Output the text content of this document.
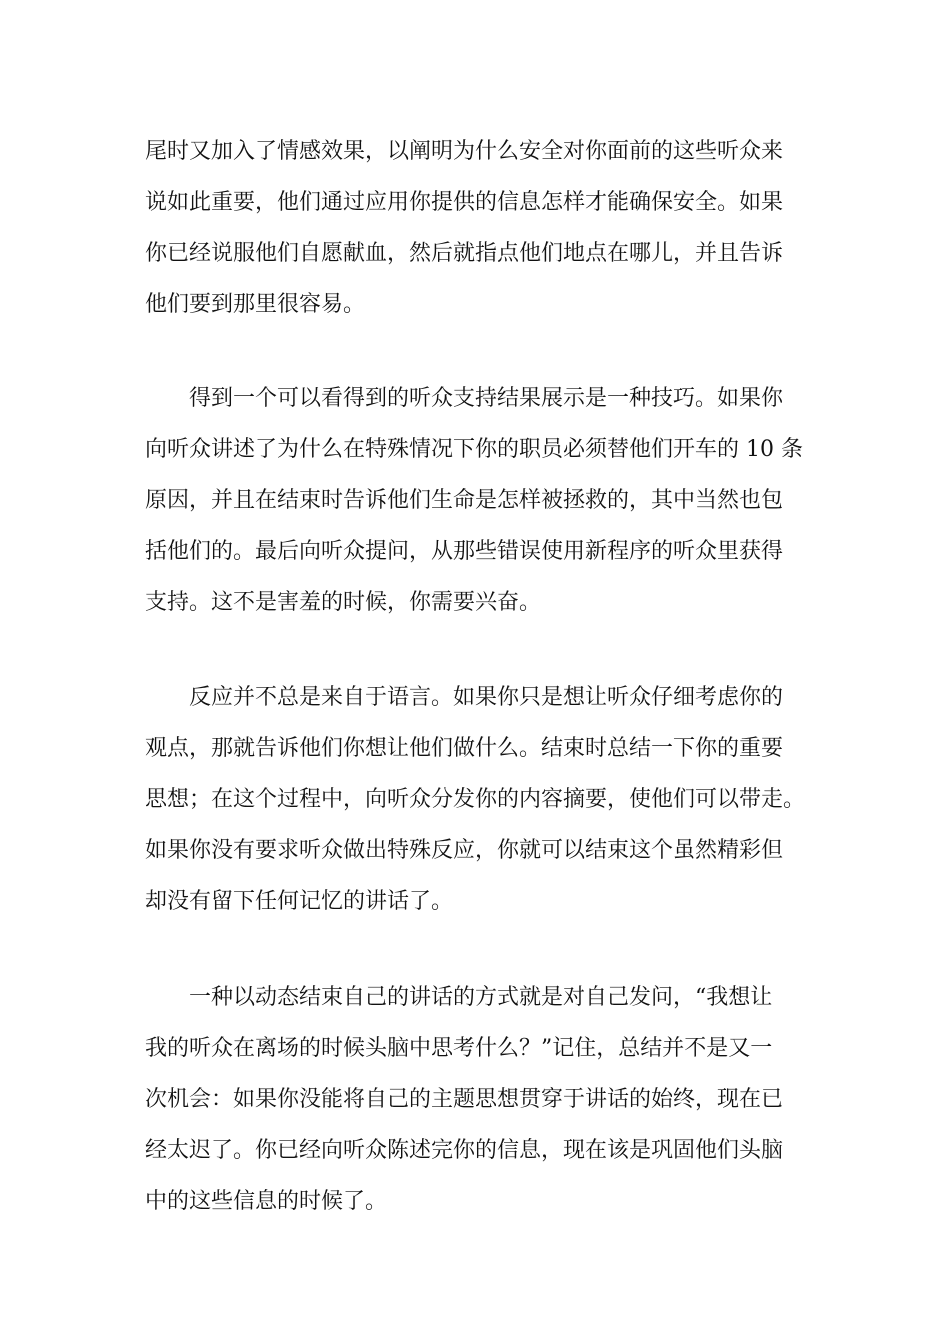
尾时又加入了情感效果，以阐明为什么安全对你面前的这些听众来
说如此重要，他们通过应用你提供的信息怎样才能确保安全。如果
你已经说服他们自愿献血，然后就指点他们地点在哪儿，并且告诉
他们要到那里很容易。

得到一个可以看得到的听众支持结果展示是一种技巧。如果你
向听众讲述了为什么在特殊情况下你的职员必须替他们开车的 10 条
原因，并且在结束时告诉他们生命是怎样被拯救的，其中当然也包
括他们的。最后向听众提问，从那些错误使用新程序的听众里获得
支持。这不是害羞的时候，你需要兴奋。

反应并不总是来自于语言。如果你只是想让听众仔细考虑你的
观点，那就告诉他们你想让他们做什么。结束时总结一下你的重要
思想；在这个过程中，向听众分发你的内容摘要，使他们可以带走。
如果你没有要求听众做出特殊反应，你就可以结束这个虽然精彩但
却没有留下任何记忆的讲话了。

一种以动态结束自己的讲话的方式就是对自己发问，“我想让
我的听众在离场的时候头脑中思考什么？”记住，总结并不是又一
次机会：如果你没能将自己的主题思想贯穿于讲话的始终，现在已
经太迟了。你已经向听众陈述完你的信息，现在该是巩固他们头脑
中的这些信息的时候了。
